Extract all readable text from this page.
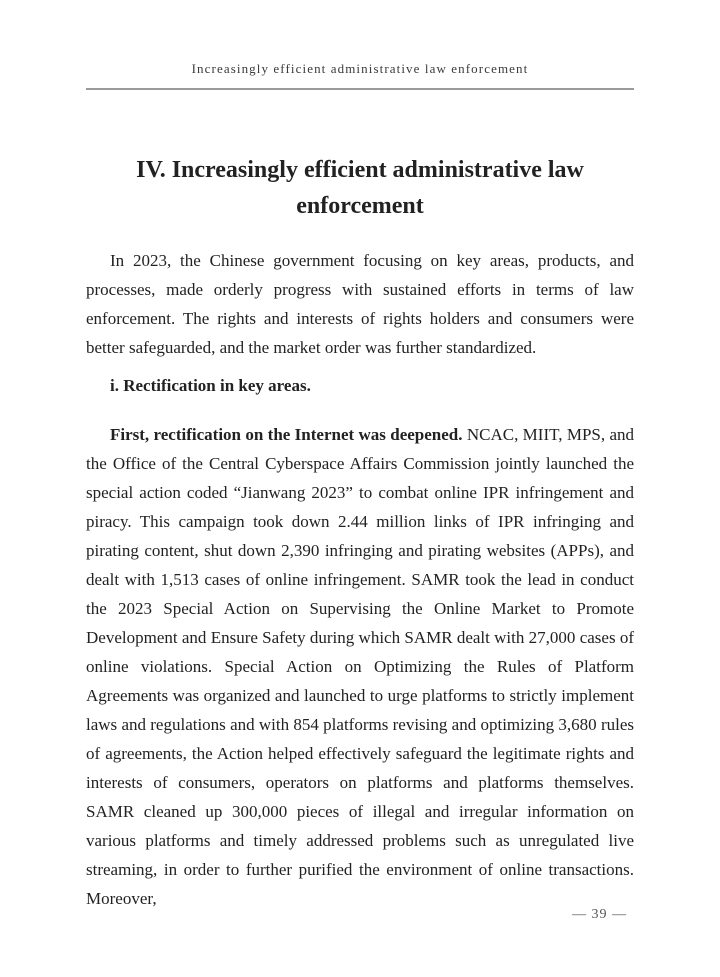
Increasingly efficient administrative law enforcement
IV. Increasingly efficient administrative law enforcement

In 2023, the Chinese government focusing on key areas, products, and processes, made orderly progress with sustained efforts in terms of law enforcement. The rights and interests of rights holders and consumers were better safeguarded, and the market order was further standardized.

i. Rectification in key areas.

First, rectification on the Internet was deepened. NCAC, MIIT, MPS, and the Office of the Central Cyberspace Affairs Commission jointly launched the special action coded “Jianwang 2023” to combat online IPR infringement and piracy. This campaign took down 2.44 million links of IPR infringing and pirating content, shut down 2,390 infringing and pirating websites (APPs), and dealt with 1,513 cases of online infringement. SAMR took the lead in conduct the 2023 Special Action on Supervising the Online Market to Promote Development and Ensure Safety during which SAMR dealt with 27,000 cases of online violations. Special Action on Optimizing the Rules of Platform Agreements was organized and launched to urge platforms to strictly implement laws and regulations and with 854 platforms revising and optimizing 3,680 rules of agreements, the Action helped effectively safeguard the legitimate rights and interests of consumers, operators on platforms and platforms themselves. SAMR cleaned up 300,000 pieces of illegal and irregular information on various platforms and timely addressed problems such as unregulated live streaming, in order to further purified the environment of online transactions. Moreover,

— 39 —
